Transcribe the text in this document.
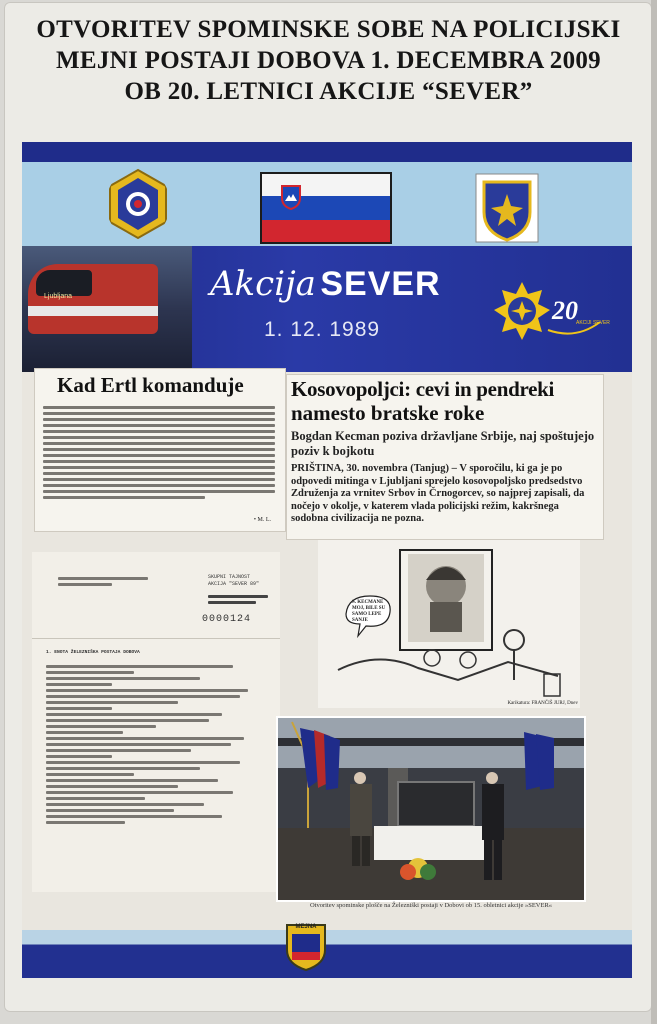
OTVORITEV SPOMINSKE SOBE NA POLICIJSKI
MEJNI POSTAJI DOBOVA 1. DECEMBRA 2009
OB 20. LETNICI AKCIJE “SEVER”
Ljubljana	Akcija SEVER
1. 12. 1989
20
AKCIJI SEVER
Kad Ertl komanduje
• M. L.
Kosovopoljci: cevi in pendreki
namesto bratske roke
Bogdan Kecman poziva državljane Srbije, naj spoštujejo poziv k bojkotu
PRIŠTINA, 30. novembra (Tanjug) – V sporočilu, ki ga je po odpovedi mitinga v Ljubljani sprejelo kosovopoljsko predsedstvo Združenja za vrnitev Srbov in Črnogorcev, so najprej zapisali, da nočejo v okolje, v katerem vlada policijski režim, kakršnega sodobna civilizacija ne pozna.
S. KECMANE MOJ, BILE SU SAMO LEPE SANJE
Karikatura: FRANČIŠ JURJ, Dnev
SKUPNI TAJNOST
AKCIJA "SEVER 89"
0000124
1. ENOTA ŽELEZNIŠKA POSTAJA DOBOVA
Otvoritev spominske plošče na Železniški postaji v Dobovi ob 15. obletnici akcije »SEVER«
MEJNA
